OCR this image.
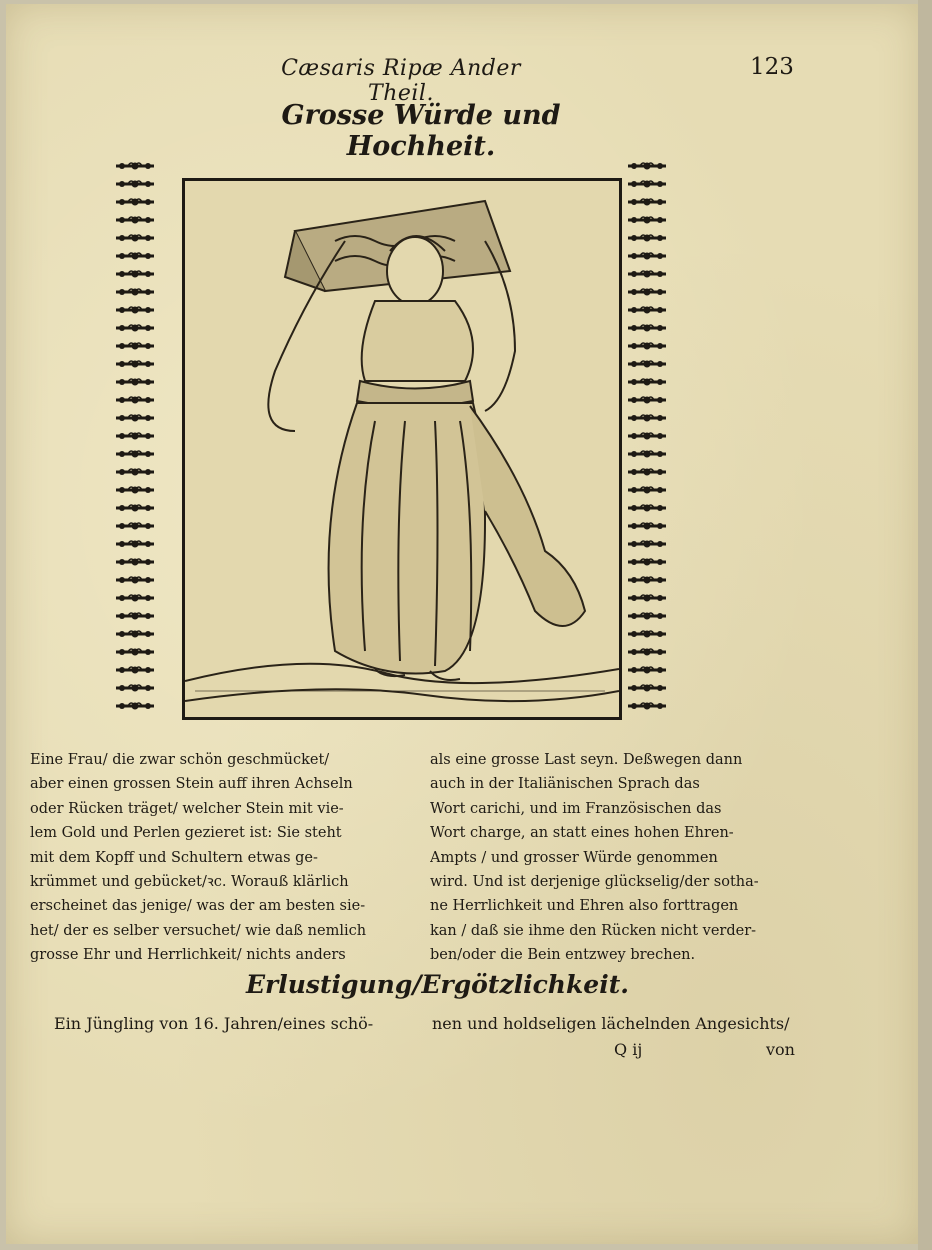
Cæsaris Ripæ Ander Theil.
123
Grosse Würde und Hochheit.
Eine Frau/ die zwar schön geschmücket/
aber einen grossen Stein auff ihren Achseln
oder Rücken träget/ welcher Stein mit vie-
lem Gold und Perlen gezieret ist: Sie steht
mit dem Kopff und Schultern etwas ge-
krümmet und gebücket/ꝛc. Worauß klärlich
erscheinet das jenige/ was der am besten sie-
het/ der es selber versuchet/ wie daß nemlich
grosse Ehr und Herrlichkeit/ nichts anders
als eine grosse Last seyn. Deßwegen dann
auch in der Italiänischen Sprach das
Wort carichi, und im Französischen das
Wort charge, an statt eines hohen Ehren-
Ampts / und grosser Würde genommen
wird. Und ist derjenige glückselig/der sotha-
ne Herrlichkeit und Ehren also forttragen
kan / daß sie ihme den Rücken nicht verder-
ben/oder die Bein entzwey brechen.
Erlustigung/Ergötzlichkeit.
Ein Jüngling von 16. Jahren/eines schö-	nen und holdseligen lächelnden Angesichts/
Q ij	von
